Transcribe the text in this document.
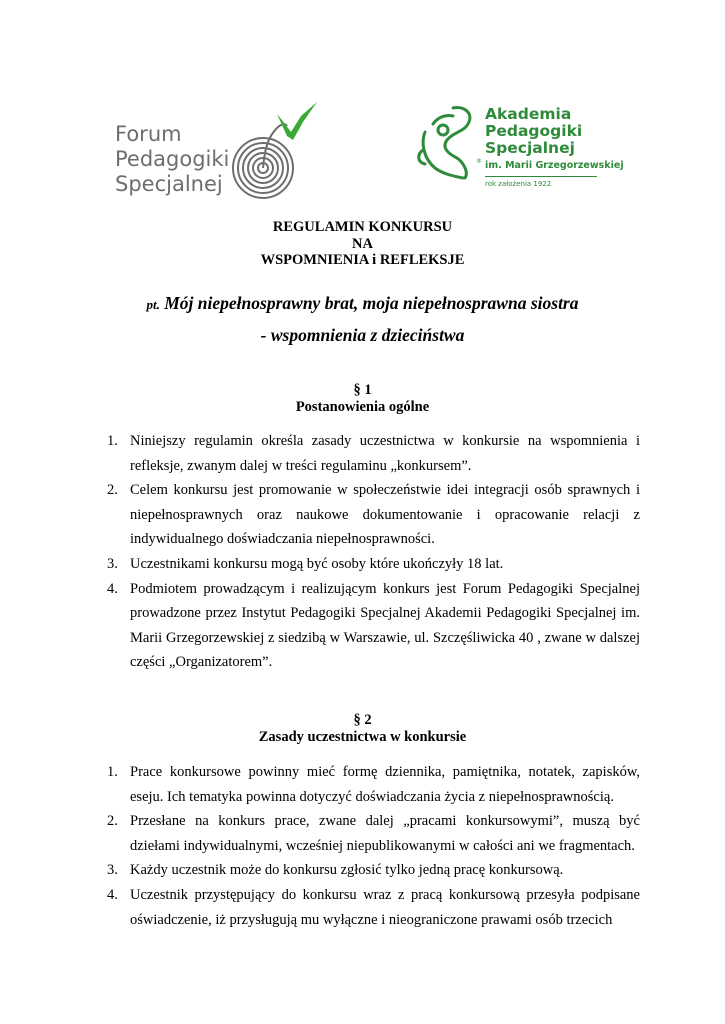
Forum
Pedagogiki
Specjalnej
®
Akademia
Pedagogiki
Specjalnej
im. Marii Grzegorzewskiej
rok założenia 1922
REGULAMIN KONKURSU
NA
WSPOMNIENIA i REFLEKSJE
pt. Mój niepełnosprawny brat, moja niepełnosprawna siostra
- wspomnienia z dzieciństwa
§ 1
Postanowienia ogólne
1. Niniejszy regulamin określa zasady uczestnictwa w konkursie na wspomnienia i refleksje, zwanym dalej w treści regulaminu „konkursem”.
2. Celem konkursu jest promowanie w społeczeństwie idei integracji osób sprawnych i niepełnosprawnych oraz naukowe dokumentowanie i opracowanie relacji z indywidualnego doświadczania niepełnosprawności.
3. Uczestnikami konkursu mogą być osoby które ukończyły 18 lat.
4. Podmiotem prowadzącym i realizującym konkurs jest Forum Pedagogiki Specjalnej prowadzone przez Instytut Pedagogiki Specjalnej Akademii Pedagogiki Specjalnej im. Marii Grzegorzewskiej z siedzibą w Warszawie, ul. Szczęśliwicka 40 , zwane w dalszej części „Organizatorem”.
§ 2
Zasady uczestnictwa w konkursie
1. Prace konkursowe powinny mieć formę dziennika, pamiętnika, notatek, zapisków, eseju. Ich tematyka powinna dotyczyć doświadczania życia z niepełnosprawnością.
2. Przesłane na konkurs prace, zwane dalej „pracami konkursowymi”, muszą być dziełami indywidualnymi, wcześniej niepublikowanymi w całości ani we fragmentach.
3. Każdy uczestnik może do konkursu zgłosić tylko jedną pracę konkursową.
4. Uczestnik przystępujący do konkursu wraz z pracą konkursową przesyła podpisane oświadczenie, iż przysługują mu wyłączne i nieograniczone prawami osób trzecich
